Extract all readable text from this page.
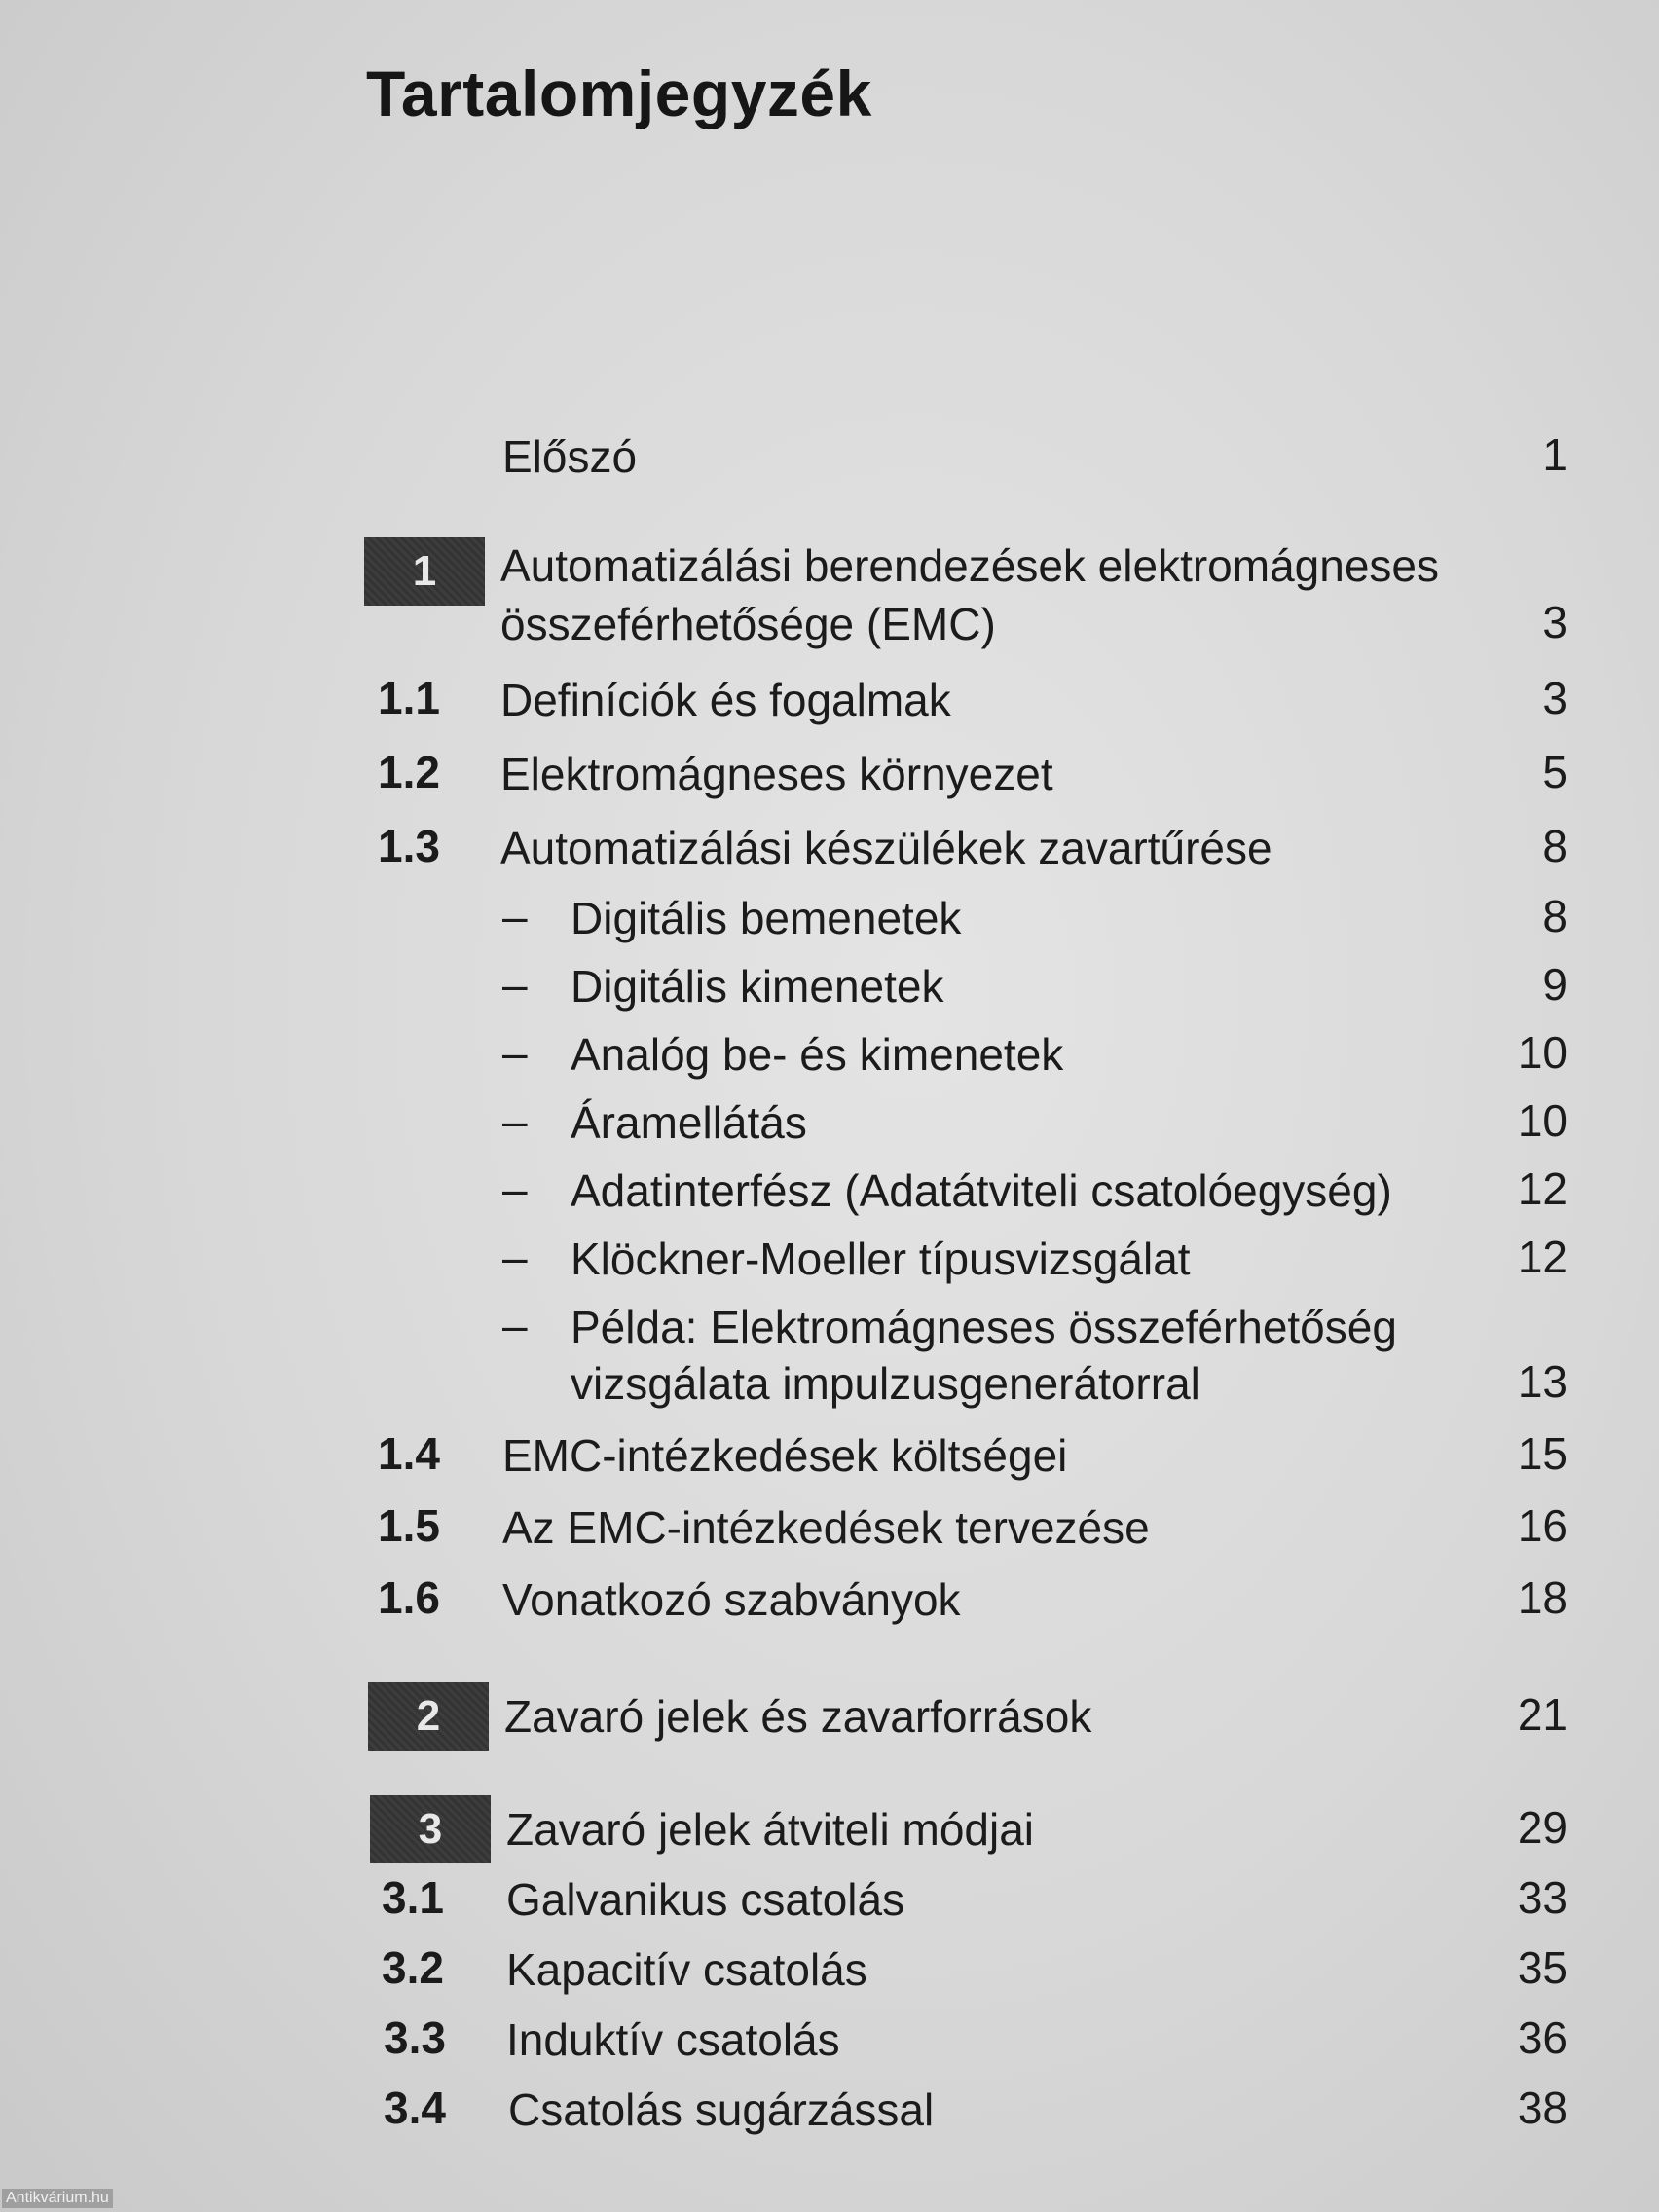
Tartalomjegyzék
Előszó	1
1	Automatizálási berendezések elektromágneses
összeférhetősége (EMC)	3
1.1 Definíciók és fogalmak	3
1.2 Elektromágneses környezet	5
1.3 Automatizálási készülékek zavartűrése	8
– Digitális bemenetek	8
– Digitális kimenetek	9
– Analóg be- és kimenetek	10
– Áramellátás	10
– Adatinterfész (Adatátviteli csatolóegység)	12
– Klöckner-Moeller típusvizsgálat	12
– Példa: Elektromágneses összeférhetőség
vizsgálata impulzusgenerátorral	13
1.4 EMC-intézkedések költségei	15
1.5 Az EMC-intézkedések tervezése	16
1.6 Vonatkozó szabványok	18
2	Zavaró jelek és zavarforrások	21
3	Zavaró jelek átviteli módjai	29
3.1 Galvanikus csatolás	33
3.2 Kapacitív csatolás	35
3.3 Induktív csatolás	36
3.4 Csatolás sugárzással	38
Antikvárium.hu
